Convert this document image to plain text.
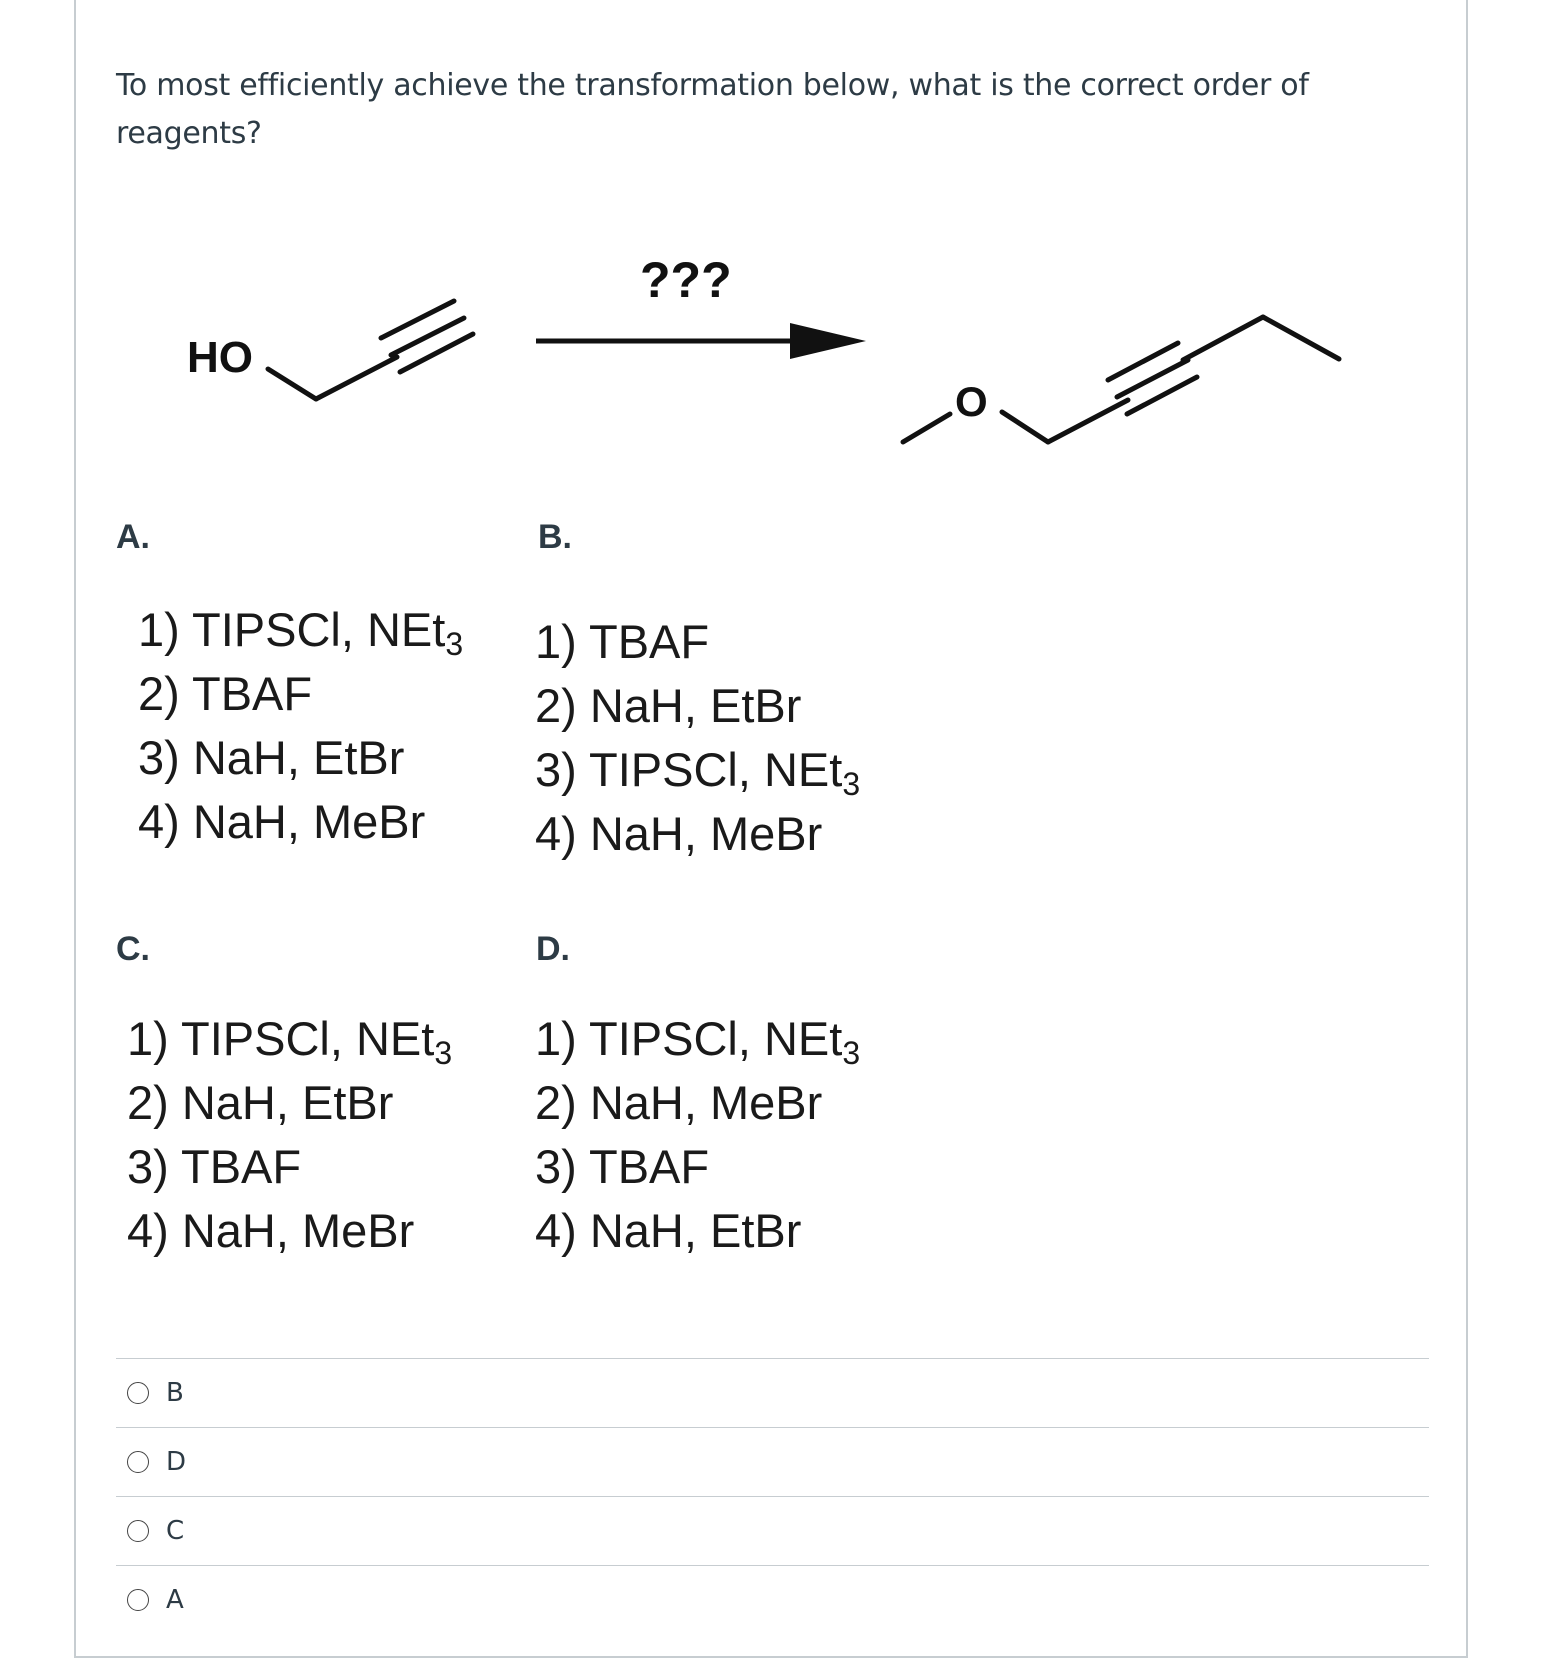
To most efficiently achieve the transformation below, what is the correct order of reagents?
HO
???
O
A.
1) TIPSCl, NEt$_3$
2) TBAF
3) NaH, EtBr
4) NaH, MeBr
B.
1) TBAF
2) NaH, EtBr
3) TIPSCl, NEt$_3$
4) NaH, MeBr
C.
1) TIPSCl, NEt$_3$
2) NaH, EtBr
3) TBAF
4) NaH, MeBr
D.
1) TIPSCl, NEt$_3$
2) NaH, MeBr
3) TBAF
4) NaH, EtBr
B
D
C
A
